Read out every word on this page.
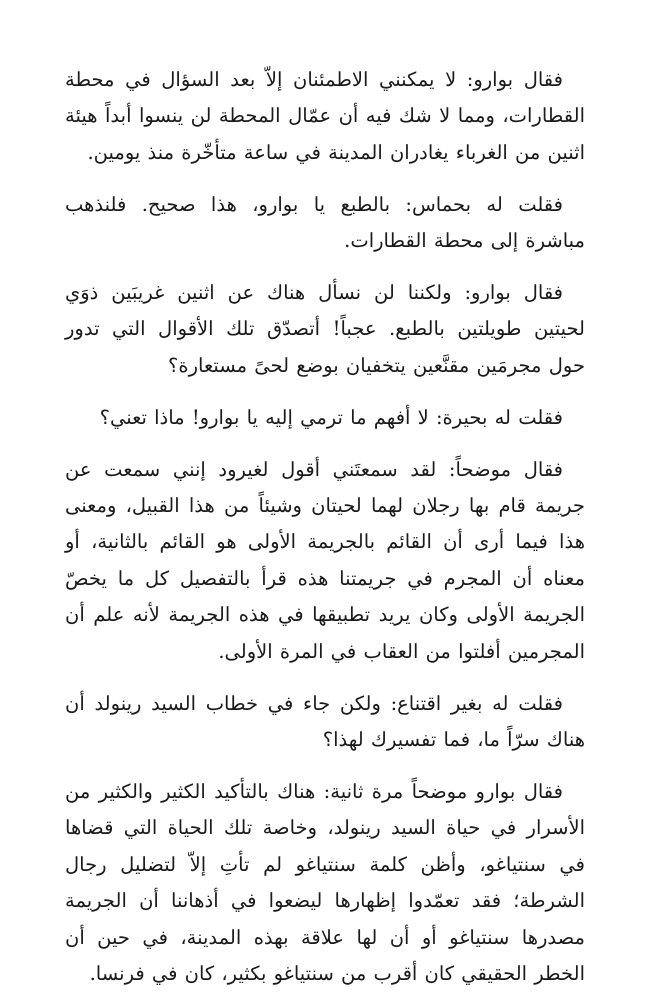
فقال بوارو: لا يمكنني الاطمئنان إلاّ بعد السؤال في محطة القطارات، ومما لا شك فيه أن عمّال المحطة لن ينسوا أبداً هيئة اثنين من الغرباء يغادران المدينة في ساعة متأخّرة منذ يومين.

فقلت له بحماس: بالطبع يا بوارو، هذا صحيح. فلنذهب مباشرة إلى محطة القطارات.

فقال بوارو: ولكننا لن نسأل هناك عن اثنين غريبَين ذوَي لحيتين طويلتين بالطبع. عجباً! أتصدّق تلك الأقوال التي تدور حول مجرمَين مقنَّعين يتخفيان بوضع لحىً مستعارة؟

فقلت له بحيرة: لا أفهم ما ترمي إليه يا بوارو! ماذا تعني؟

فقال موضحاً: لقد سمعتَني أقول لغيرود إنني سمعت عن جريمة قام بها رجلان لهما لحيتان وشيئاً من هذا القبيل، ومعنى هذا فيما أرى أن القائم بالجريمة الأولى هو القائم بالثانية، أو معناه أن المجرم في جريمتنا هذه قرأ بالتفصيل كل ما يخصّ الجريمة الأولى وكان يريد تطبيقها في هذه الجريمة لأنه علم أن المجرمين أفلتوا من العقاب في المرة الأولى.

فقلت له بغير اقتناع: ولكن جاء في خطاب السيد رينولد أن هناك سرّاً ما، فما تفسيرك لهذا؟

فقال بوارو موضحاً مرة ثانية: هناك بالتأكيد الكثير والكثير من الأسرار في حياة السيد رينولد، وخاصة تلك الحياة التي قضاها في سنتياغو، وأظن كلمة سنتياغو لم تأتِ إلاّ لتضليل رجال الشرطة؛ فقد تعمّدوا إظهارها ليضعوا في أذهاننا أن الجريمة مصدرها سنتياغو أو أن لها علاقة بهذه المدينة، في حين أن الخطر الحقيقي كان أقرب من سنتياغو بكثير، كان في فرنسا.
